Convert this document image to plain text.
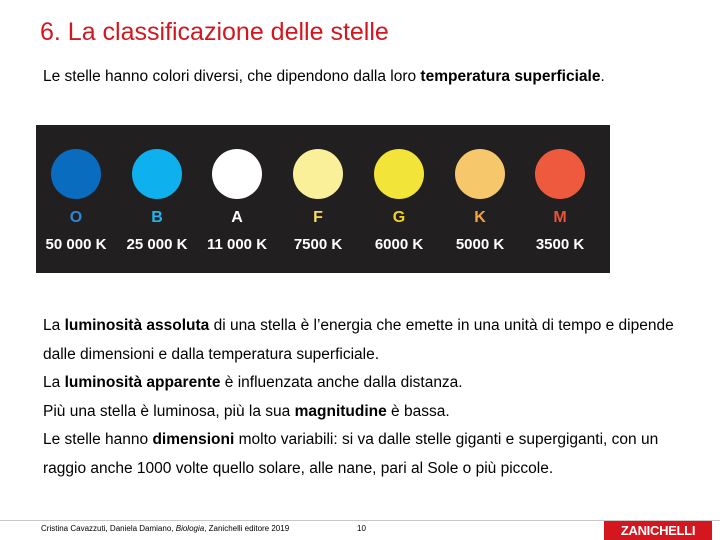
6. La classificazione delle stelle
Le stelle hanno colori diversi, che dipendono dalla loro temperatura superficiale.
O
50 000 K
B
25 000 K
A
11 000 K
F
7500 K
G
6000 K
K
5000 K
M
3500 K

La luminosità assoluta di una stella è l’energia che emette in una unità di tempo e dipende dalle dimensioni e dalla temperatura superficiale.

La luminosità apparente è influenzata anche dalla distanza.

Più una stella è luminosa, più la sua magnitudine è bassa.

Le stelle hanno dimensioni molto variabili: si va dalle stelle giganti e supergiganti, con un raggio anche 1000 volte quello solare, alle nane, pari al Sole o più piccole.

Cristina Cavazzuti, Daniela Damiano, Biologia, Zanichelli editore 2019	10	ZANICHELLI
